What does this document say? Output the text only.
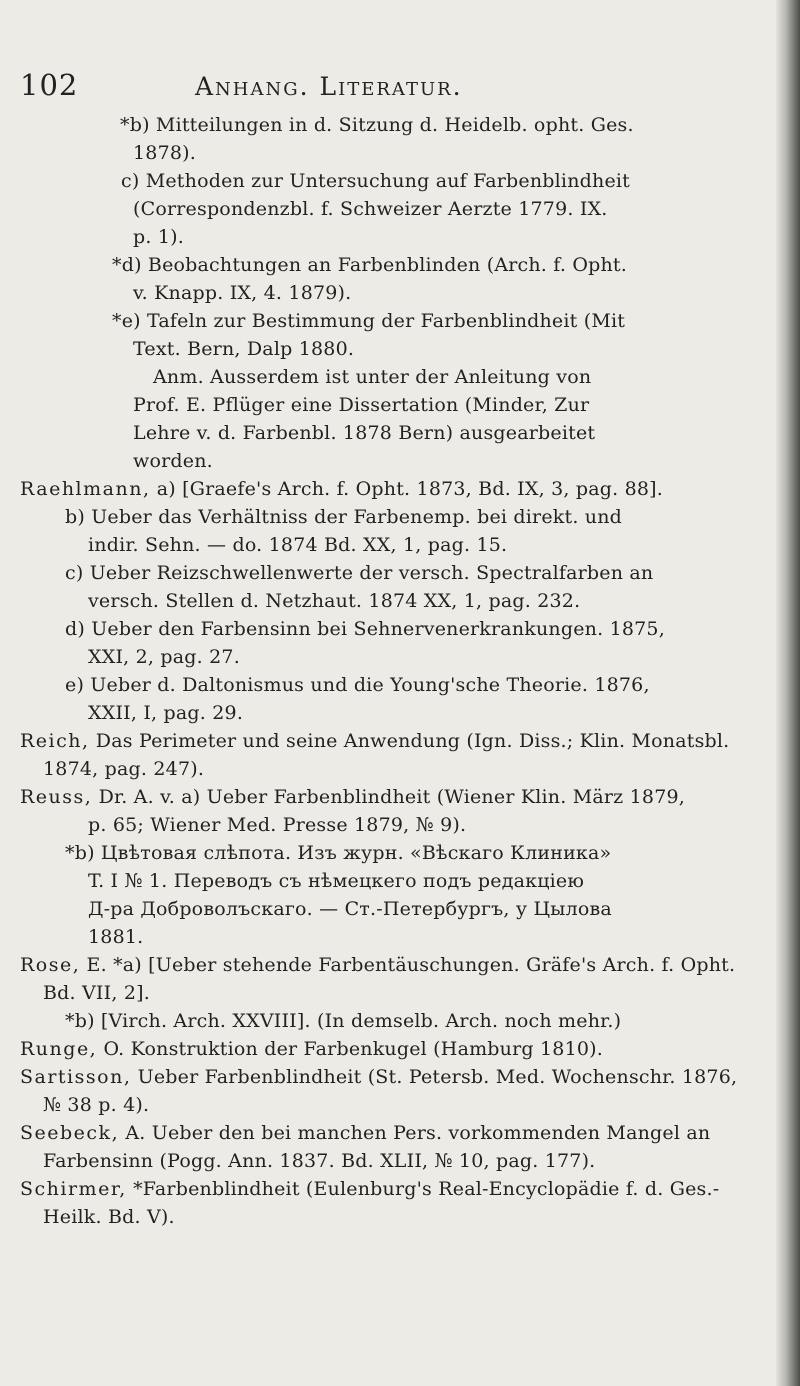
102	Anhang. Literatur.
*b) Mitteilungen in d. Sitzung d. Heidelb. opht. Ges.
1878).
c) Methoden zur Untersuchung auf Farbenblindheit
(Correspondenzbl. f. Schweizer Aerzte 1779. IX.
p. 1).
*d) Beobachtungen an Farbenblinden (Arch. f. Opht.
v. Knapp. IX, 4. 1879).
*e) Tafeln zur Bestimmung der Farbenblindheit (Mit
Text. Bern, Dalp 1880.
Anm. Ausserdem ist unter der Anleitung von
Prof. E. Pflüger eine Dissertation (Minder, Zur
Lehre v. d. Farbenbl. 1878 Bern) ausgearbeitet
worden.
Raehlmann, a) [Graefe's Arch. f. Opht. 1873, Bd. IX, 3, pag. 88].
b) Ueber das Verhältniss der Farbenemp. bei direkt. und
indir. Sehn. — do. 1874 Bd. XX, 1, pag. 15.
c) Ueber Reizschwellenwerte der versch. Spectralfarben an
versch. Stellen d. Netzhaut. 1874 XX, 1, pag. 232.
d) Ueber den Farbensinn bei Sehnervenerkrankungen. 1875,
XXI, 2, pag. 27.
e) Ueber d. Daltonismus und die Young'sche Theorie. 1876,
XXII, I, pag. 29.
Reich, Das Perimeter und seine Anwendung (Ign. Diss.; Klin. Monatsbl.
1874, pag. 247).
Reuss, Dr. A. v. a) Ueber Farbenblindheit (Wiener Klin. März 1879,
p. 65; Wiener Med. Presse 1879, № 9).
*b) Цвѣтовая слѣпота. Изъ журн. «Вѣскаго Клиника»
T. I № 1. Переводъ съ нѣмецкего подъ редакціею
Д-ра Доброволъскаго. — Ст.-Петербургъ, у Цылова
1881.
Rose, E. *a) [Ueber stehende Farbentäuschungen. Gräfe's Arch. f. Opht.
Bd. VII, 2].
*b) [Virch. Arch. XXVIII]. (In demselb. Arch. noch mehr.)
Runge, O. Konstruktion der Farbenkugel (Hamburg 1810).
Sartisson, Ueber Farbenblindheit (St. Petersb. Med. Wochenschr. 1876,
№ 38 p. 4).
Seebeck, A. Ueber den bei manchen Pers. vorkommenden Mangel an
Farbensinn (Pogg. Ann. 1837. Bd. XLII, № 10, pag. 177).
Schirmer, *Farbenblindheit (Eulenburg's Real-Encyclopädie f. d. Ges.-
Heilk. Bd. V).
